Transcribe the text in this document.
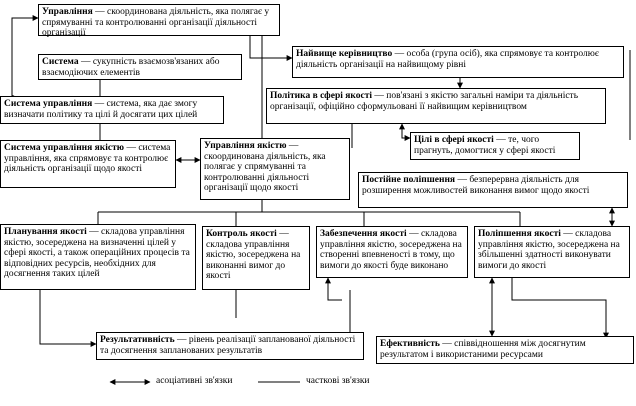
Управління — скоординована діяльність, яка полягає у спрямуванні та контролюванні організації діяльності організації
Система — сукупність взаємозв'язаних або взаємодіючих елементів
Найвище керівництво — особа (група осіб), яка спрямовує та контролює діяльність організації на найвищому рівні
Система управління — система, яка дає змогу визначати політику та цілі й досягати цих цілей
Політика в сфері якості — пов'язані з якістю загальні наміри та діяльність організації, офіційно сформульовані її найвищим керівництвом
Система управління якістю — система управління, яка спрямовує та контролює діяльність організації щодо якості
Управління якістю — скоординована діяльність, яка полягає у спрямуванні та контролюванні діяльності організації щодо якості
Цілі в сфері якості — те, чого прагнуть, домогтися у сфері якості
Постійне поліпшення — безперервна діяльність для розширення можливостей виконання вимог щодо якості
Планування якості — складова управління якістю, зосереджена на визначенні цілей у сфері якості, а також операційних процесів та відповідних ресурсів, необхідних для досягнення таких цілей
Контроль якості — складова управління якістю, зосереджена на виконанні вимог до якості
Забезпечення якості — складова управління якістю, зосереджена на створенні впевненості в тому, що вимоги до якості буде виконано
Поліпшення якості — складова управління якістю, зосереджена на збільшенні здатності виконувати вимоги до якості
Результативність — рівень реалізації запланованої діяльності та досягнення запланованих результатів
Ефективність — співвідношення між досягнутим результатом і використаними ресурсами
асоціативні зв'язки	часткові зв'язки
